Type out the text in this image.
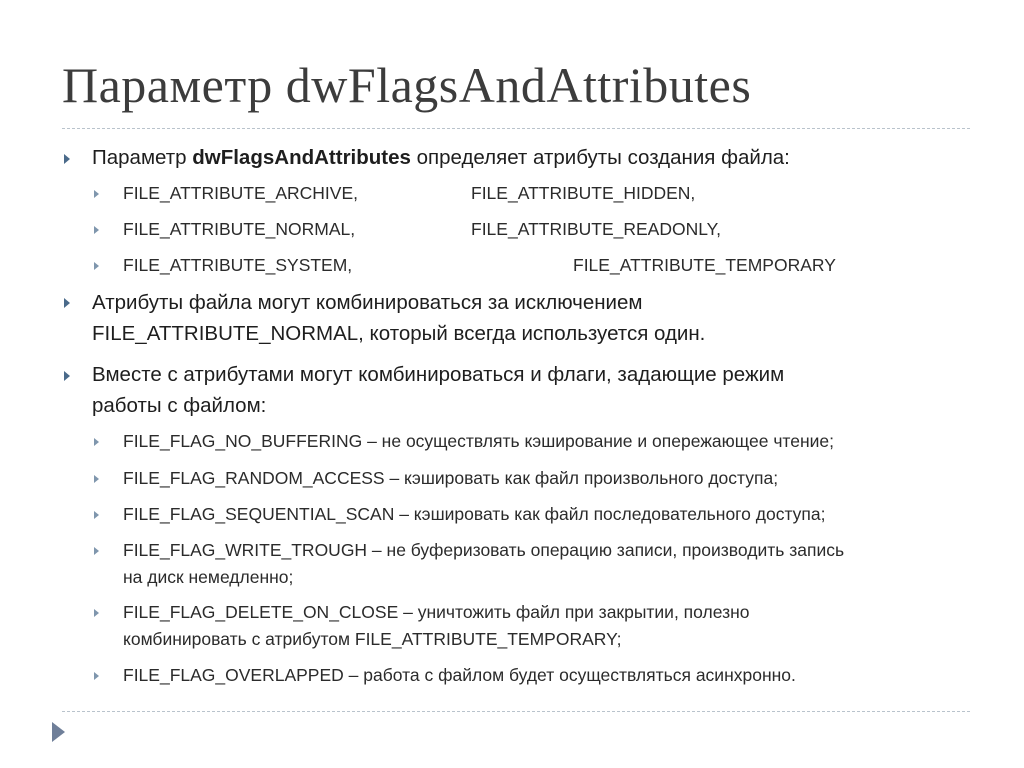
Параметр dwFlagsAndAttributes
Параметр dwFlagsAndAttributes определяет атрибуты создания файла:
FILE_ATTRIBUTE_ARCHIVE,	FILE_ATTRIBUTE_HIDDEN,
FILE_ATTRIBUTE_NORMAL,	FILE_ATTRIBUTE_READONLY,
FILE_ATTRIBUTE_SYSTEM,	FILE_ATTRIBUTE_TEMPORARY
Атрибуты файла могут комбинироваться за исключением
FILE_ATTRIBUTE_NORMAL, который всегда используется один.
Вместе с атрибутами могут комбинироваться и флаги, задающие режим
работы с файлом:
FILE_FLAG_NO_BUFFERING – не осуществлять кэширование и опережающее чтение;
FILE_FLAG_RANDOM_ACCESS – кэшировать как файл произвольного доступа;
FILE_FLAG_SEQUENTIAL_SCAN – кэшировать как файл последовательного доступа;
FILE_FLAG_WRITE_TROUGH – не буферизовать операцию записи, производить запись
на диск немедленно;
FILE_FLAG_DELETE_ON_CLOSE – уничтожить файл при закрытии, полезно
комбинировать с атрибутом FILE_ATTRIBUTE_TEMPORARY;
FILE_FLAG_OVERLAPPED – работа с файлом будет осуществляться асинхронно.
